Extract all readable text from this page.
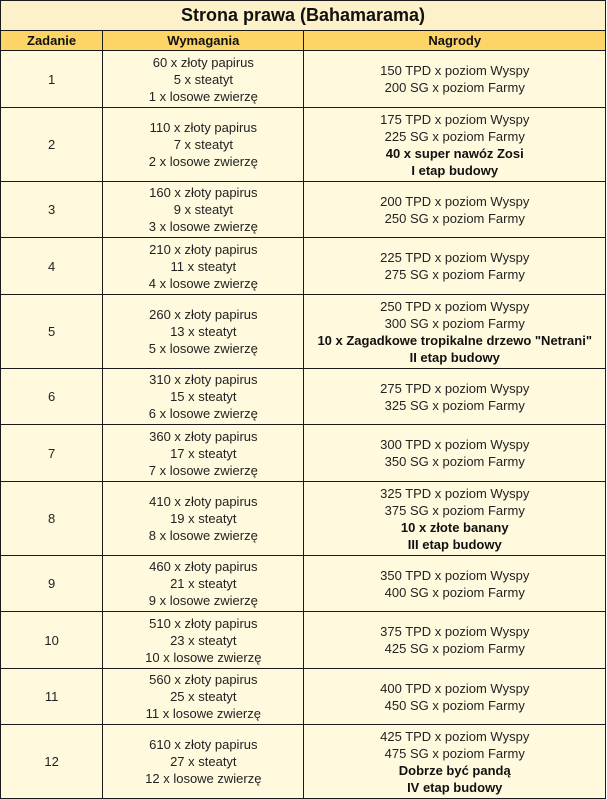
Strona prawa (Bahamarama)		
Zadanie	Wymagania	Nagrody
1	60 x złoty papirus
5 x steatyt
1 x losowe zwierzę	150 TPD x poziom Wyspy
200 SG x poziom Farmy

2	110 x złoty papirus
7 x steatyt
2 x losowe zwierzę	175 TPD x poziom Wyspy
225 SG x poziom Farmy
40 x super nawóz Zosi
I etap budowy

3	160 x złoty papirus
9 x steatyt
3 x losowe zwierzę	200 TPD x poziom Wyspy
250 SG x poziom Farmy

4	210 x złoty papirus
11 x steatyt
4 x losowe zwierzę	225 TPD x poziom Wyspy
275 SG x poziom Farmy

5	260 x złoty papirus
13 x steatyt
5 x losowe zwierzę	250 TPD x poziom Wyspy
300 SG x poziom Farmy
10 x Zagadkowe tropikalne drzewo "Netrani"
II etap budowy

6	310 x złoty papirus
15 x steatyt
6 x losowe zwierzę	275 TPD x poziom Wyspy
325 SG x poziom Farmy

7	360 x złoty papirus
17 x steatyt
7 x losowe zwierzę	300 TPD x poziom Wyspy
350 SG x poziom Farmy

8	410 x złoty papirus
19 x steatyt
8 x losowe zwierzę	325 TPD x poziom Wyspy
375 SG x poziom Farmy
10 x złote banany
III etap budowy

9	460 x złoty papirus
21 x steatyt
9 x losowe zwierzę	350 TPD x poziom Wyspy
400 SG x poziom Farmy

10	510 x złoty papirus
23 x steatyt
10 x losowe zwierzę	375 TPD x poziom Wyspy
425 SG x poziom Farmy

11	560 x złoty papirus
25 x steatyt
11 x losowe zwierzę	400 TPD x poziom Wyspy
450 SG x poziom Farmy

12	610 x złoty papirus
27 x steatyt
12 x losowe zwierzę	425 TPD x poziom Wyspy
475 SG x poziom Farmy
Dobrze być pandą
IV etap budowy
